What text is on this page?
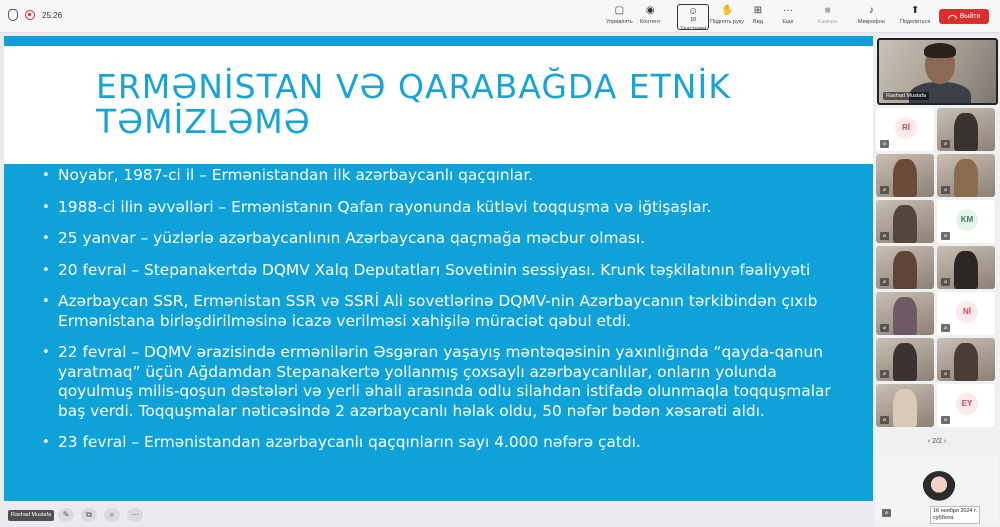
25:26	▢
Управлять
◉
Контент
☺
10
Участники
✋
Поднять руку
⊞
Вид
···
Еще
■
Камера
♪
Микрофон
⬆
Поделиться
Выйти
ERMƏNİSTAN VƏ QARABAĞDA ETNİK
TƏMİZLƏMƏ
• Noyabr, 1987-ci il – Ermənistandan ilk azərbaycanlı qaçqınlar.
• 1988-ci ilin əvvəlləri – Ermənistanın Qafan rayonunda kütləvi toqquşma və iğtişaşlar.
• 25 yanvar – yüzlərlə azərbaycanlının Azərbaycana qaçmağa məcbur olması.
• 20 fevral – Stepanakertdə DQMV Xalq Deputatları Sovetinin sessiyası. Krunk təşkilatının fəaliyyəti
• Azərbaycan SSR, Ermənistan SSR və SSRİ Ali sovetlərinə DQMV-nin Azərbaycanın tərkibindən çıxıb Ermənistana birləşdirilməsinə icazə verilməsi xahişilə müraciət qəbul etdi.
• 22 fevral – DQMV ərazisində ermənilərin Əsgəran yaşayış məntəqəsinin yaxınlığında “qayda-qanun yaratmaq” üçün Ağdamdan Stepanakertə yollanmış çoxsaylı azərbaycanlılar, onların yolunda qoyulmuş milis-qoşun dəstələri və yerli əhali arasında odlu silahdan istifadə olunmaqla toqquşmalar baş verdi. Toqquşmalar nəticəsində 2 azərbaycanlı həlak oldu, 50 nəfər bədən xəsarəti aldı.
• 23 fevral – Ermənistandan azərbaycanlı qaçqınların sayı 4.000 nəfərə çatdı.
Rashad Mustafa	✎	⧉	⌕	⋯
Rashad Mustafa
Rİ
⌀	⌀
⌀	⌀
⌀
KM
⌀
⌀	⌀
⌀
Nİ
⌀
⌀	⌀
⌀
EY
⌀
‹ 2/2 ›
⌀	16 ноября 2024 г.
суббота
